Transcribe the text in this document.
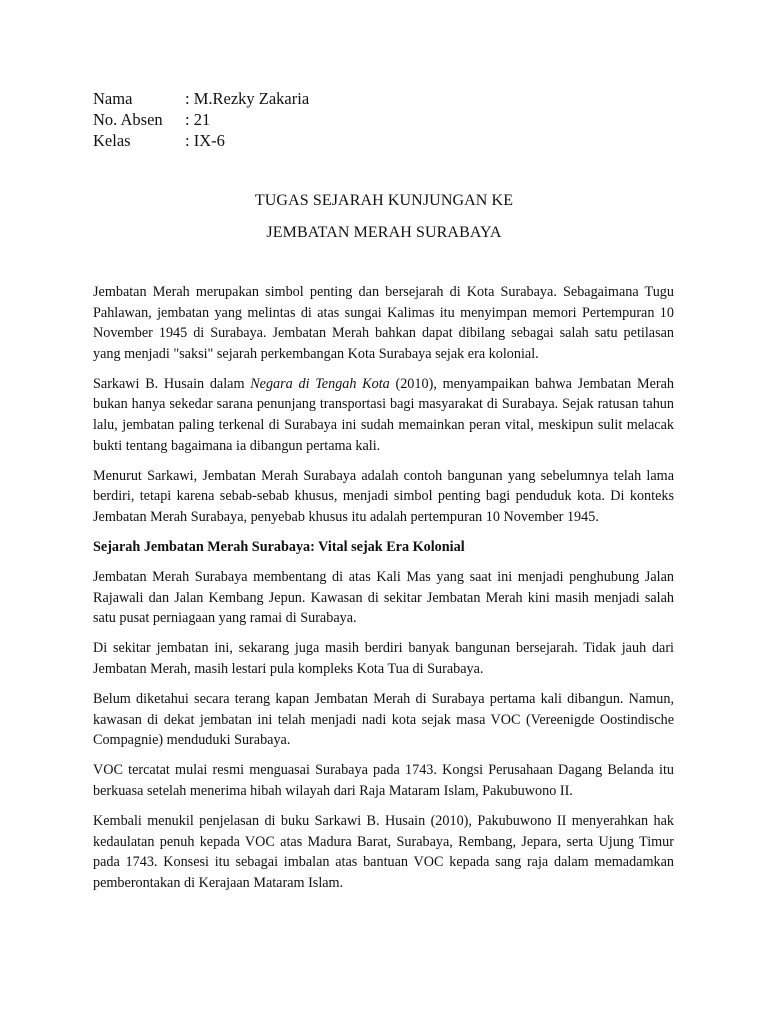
Nama	: M.Rezky Zakaria
No. Absen	: 21
Kelas	: IX-6
TUGAS SEJARAH KUNJUNGAN KE
JEMBATAN MERAH SURABAYA

Jembatan Merah merupakan simbol penting dan bersejarah di Kota Surabaya. Sebagaimana Tugu Pahlawan, jembatan yang melintas di atas sungai Kalimas itu menyimpan memori Pertempuran 10 November 1945 di Surabaya. Jembatan Merah bahkan dapat dibilang sebagai salah satu petilasan yang menjadi "saksi" sejarah perkembangan Kota Surabaya sejak era kolonial.

Sarkawi B. Husain dalam Negara di Tengah Kota (2010), menyampaikan bahwa Jembatan Merah bukan hanya sekedar sarana penunjang transportasi bagi masyarakat di Surabaya. Sejak ratusan tahun lalu, jembatan paling terkenal di Surabaya ini sudah memainkan peran vital, meskipun sulit melacak bukti tentang bagaimana ia dibangun pertama kali.

Menurut Sarkawi, Jembatan Merah Surabaya adalah contoh bangunan yang sebelumnya telah lama berdiri, tetapi karena sebab-sebab khusus, menjadi simbol penting bagi penduduk kota. Di konteks Jembatan Merah Surabaya, penyebab khusus itu adalah pertempuran 10 November 1945.

Sejarah Jembatan Merah Surabaya: Vital sejak Era Kolonial

Jembatan Merah Surabaya membentang di atas Kali Mas yang saat ini menjadi penghubung Jalan Rajawali dan Jalan Kembang Jepun. Kawasan di sekitar Jembatan Merah kini masih menjadi salah satu pusat perniagaan yang ramai di Surabaya.

Di sekitar jembatan ini, sekarang juga masih berdiri banyak bangunan bersejarah. Tidak jauh dari Jembatan Merah, masih lestari pula kompleks Kota Tua di Surabaya.

Belum diketahui secara terang kapan Jembatan Merah di Surabaya pertama kali dibangun. Namun, kawasan di dekat jembatan ini telah menjadi nadi kota sejak masa VOC (Vereenigde Oostindische Compagnie) menduduki Surabaya.

VOC tercatat mulai resmi menguasai Surabaya pada 1743. Kongsi Perusahaan Dagang Belanda itu berkuasa setelah menerima hibah wilayah dari Raja Mataram Islam, Pakubuwono II.

Kembali menukil penjelasan di buku Sarkawi B. Husain (2010), Pakubuwono II menyerahkan hak kedaulatan penuh kepada VOC atas Madura Barat, Surabaya, Rembang, Jepara, serta Ujung Timur pada 1743. Konsesi itu sebagai imbalan atas bantuan VOC kepada sang raja dalam memadamkan pemberontakan di Kerajaan Mataram Islam.
